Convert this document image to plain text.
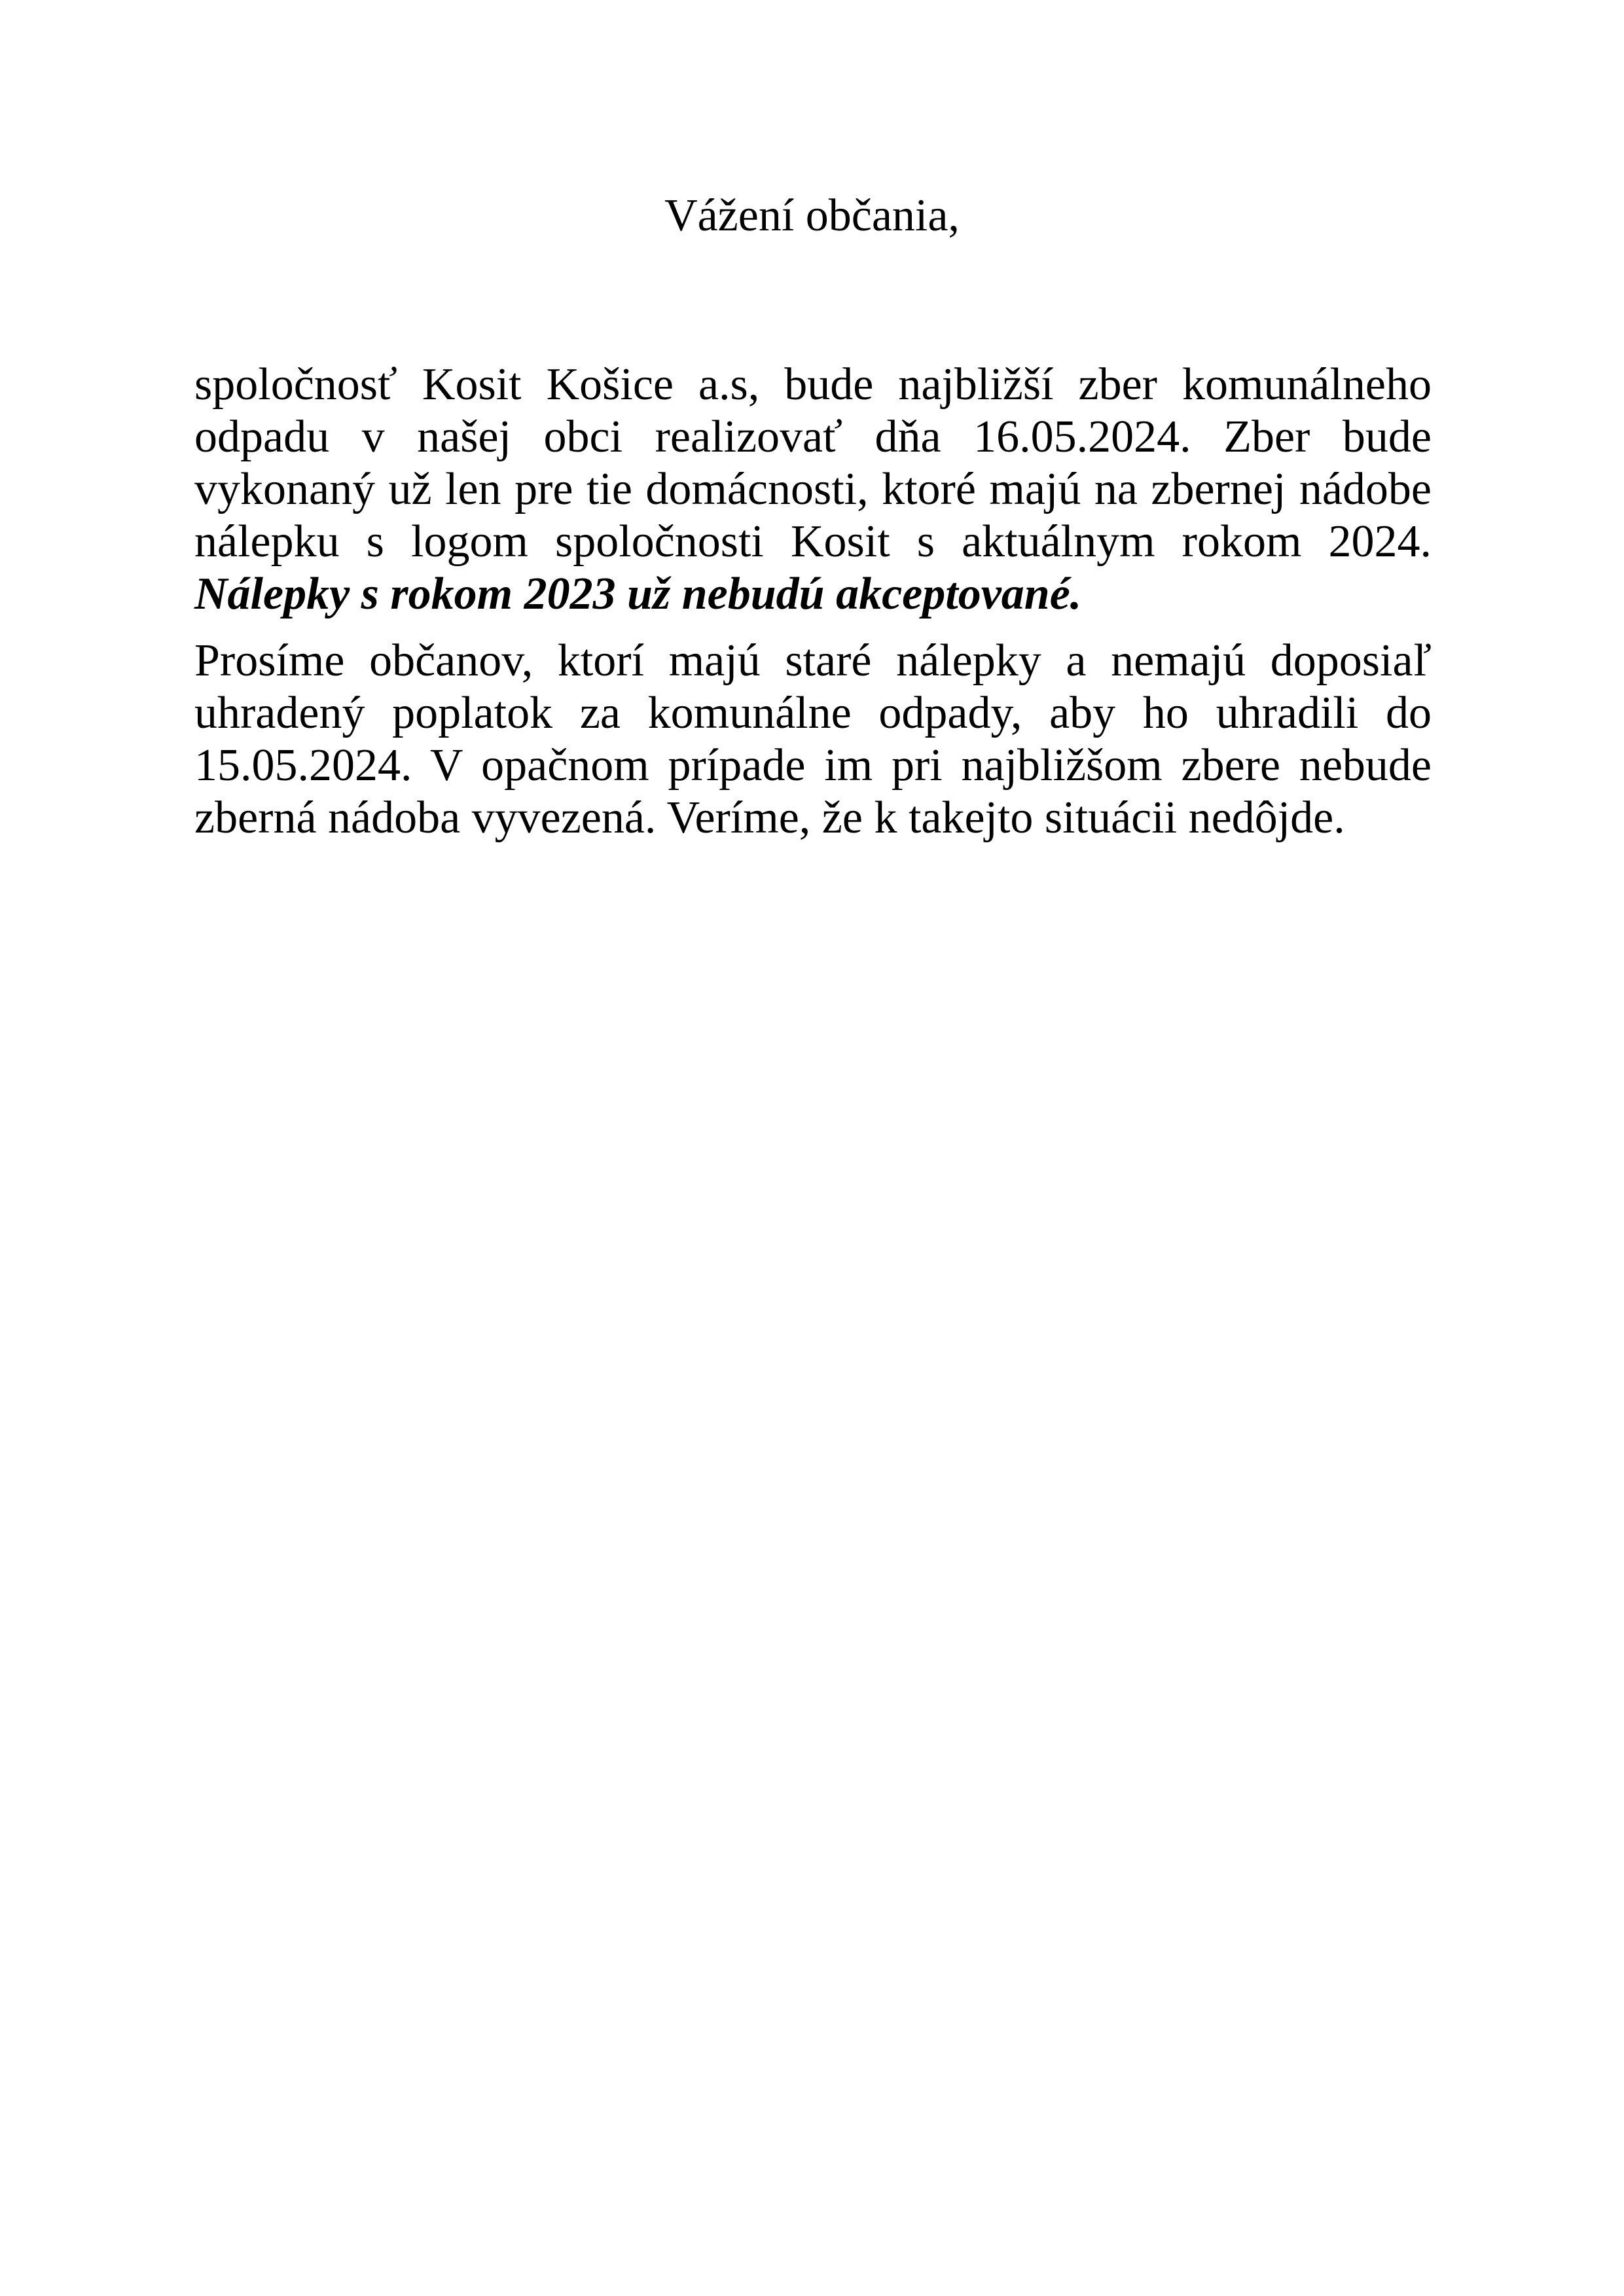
Vážení občania,

spoločnosť Kosit Košice a.s, bude najbližší zber komunálneho odpadu v našej obci realizovať dňa 16.05.2024. Zber bude vykonaný už len pre tie domácnosti, ktoré majú na zbernej nádobe nálepku s logom spoločnosti Kosit s aktuálnym rokom 2024. Nálepky s rokom 2023 už nebudú akceptované.

Prosíme občanov, ktorí majú staré nálepky a nemajú doposiaľ uhradený poplatok za komunálne odpady, aby ho uhradili do 15.05.2024. V opačnom prípade im pri najbližšom zbere nebude zberná nádoba vyvezená. Veríme, že k takejto situácii nedôjde.
